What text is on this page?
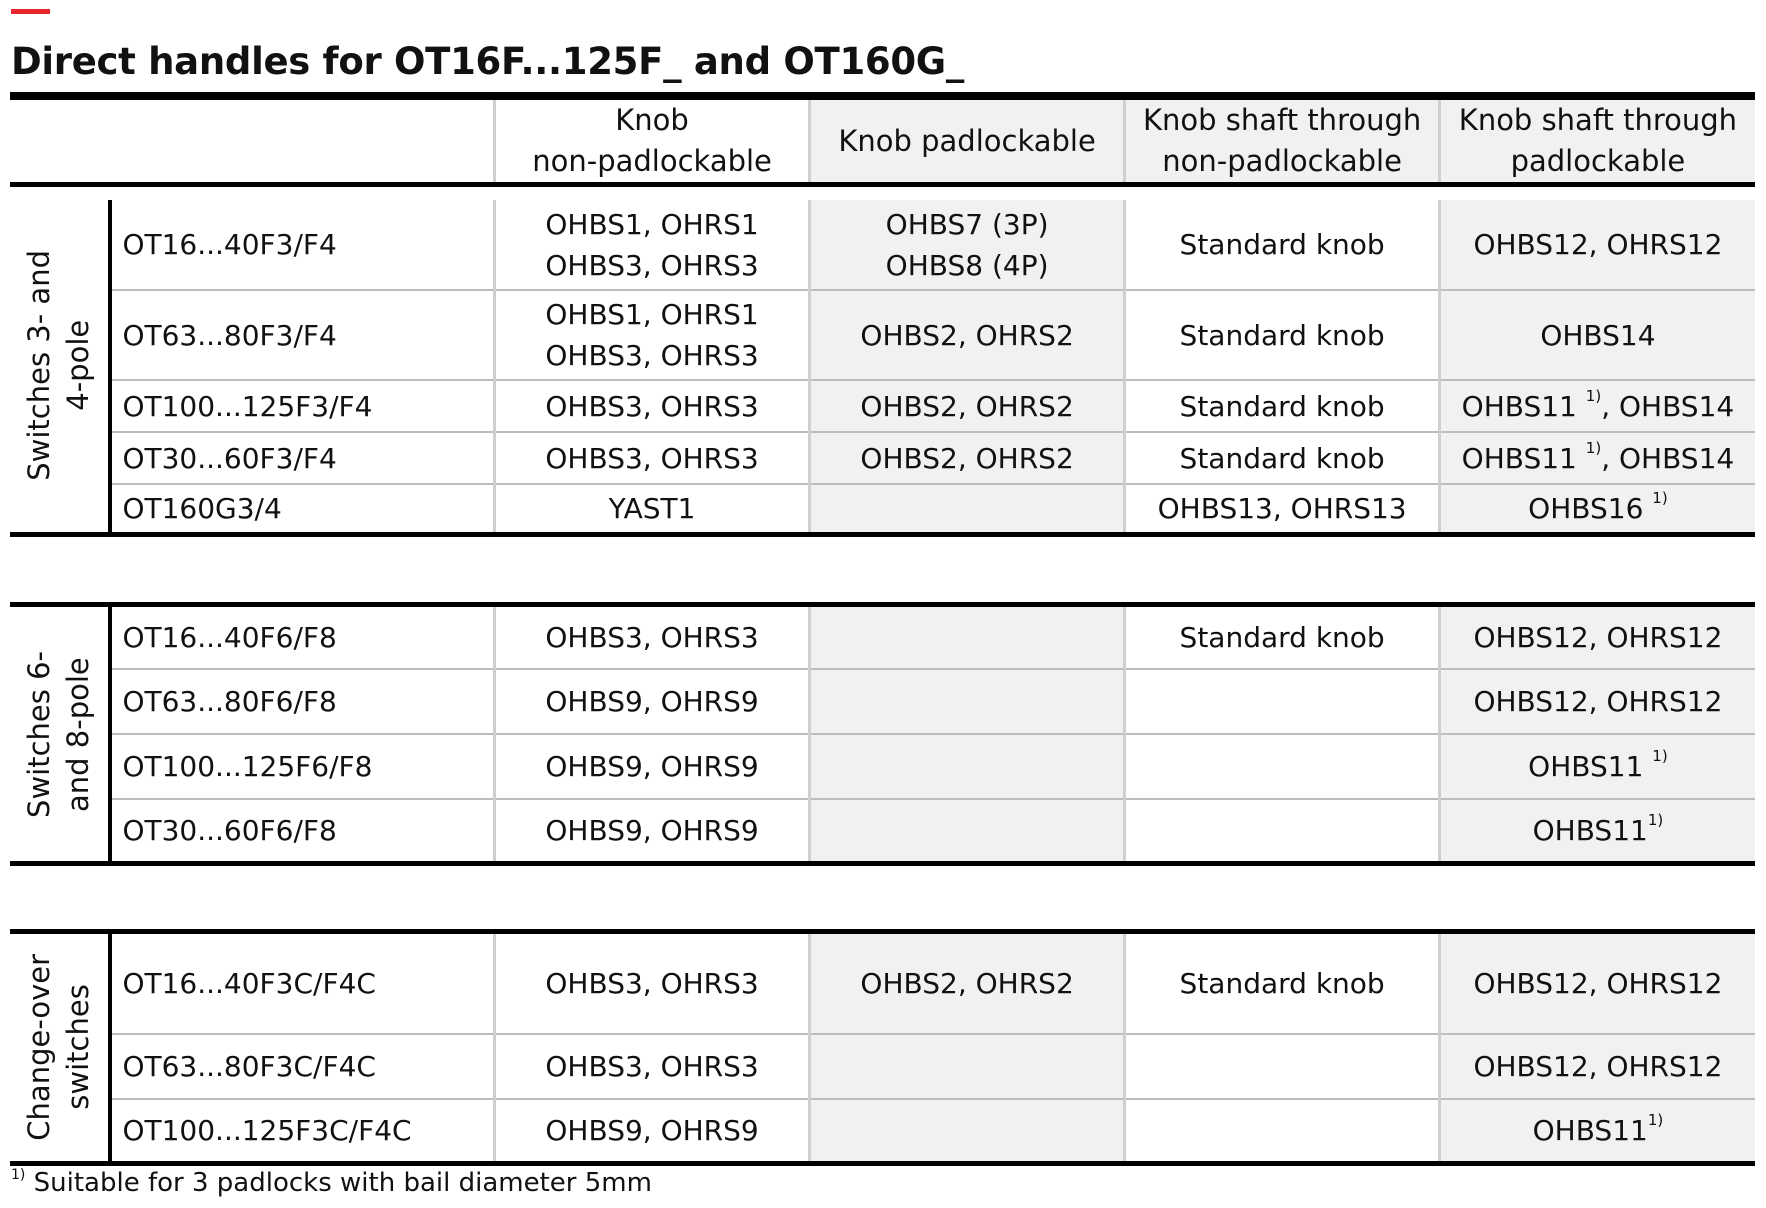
Direct handles for OT16F...125F_ and OT160G_
	Knob
non-padlockable	Knob padlockable	Knob shaft through
non-padlockable	Knob shaft through
padlockable
Switches 3- and 4-pole	OT16...40F3/F4	OHBS1, OHRS1
OHBS3, OHRS3	OHBS7 (3P)
OHBS8 (4P)	Standard knob	OHBS12, OHRS12
	OT63...80F3/F4	OHBS1, OHRS1
OHBS3, OHRS3	OHBS2, OHRS2	Standard knob	OHBS14
	OT100...125F3/F4	OHBS3, OHRS3	OHBS2, OHRS2	Standard knob	OHBS11 $^{1)}$, OHBS14
	OT30...60F3/F4	OHBS3, OHRS3	OHBS2, OHRS2	Standard knob	OHBS11 $^{1)}$, OHBS14
	OT160G3/4	YAST1		OHBS13, OHRS13	OHBS16 $^{1)}$
Switches 6- and 8-pole	OT16...40F6/F8	OHBS3, OHRS3		Standard knob	OHBS12, OHRS12
	OT63...80F6/F8	OHBS9, OHRS9			OHBS12, OHRS12
	OT100...125F6/F8	OHBS9, OHRS9			OHBS11 $^{1)}$
	OT30...60F6/F8	OHBS9, OHRS9			OHBS11$^{1)}$
Change-over switches	OT16...40F3C/F4C	OHBS3, OHRS3	OHBS2, OHRS2	Standard knob	OHBS12, OHRS12
	OT63...80F3C/F4C	OHBS3, OHRS3			OHBS12, OHRS12
	OT100...125F3C/F4C	OHBS9, OHRS9			OHBS11$^{1)}$
$^{1)}$ Suitable for 3 padlocks with bail diameter 5mm
